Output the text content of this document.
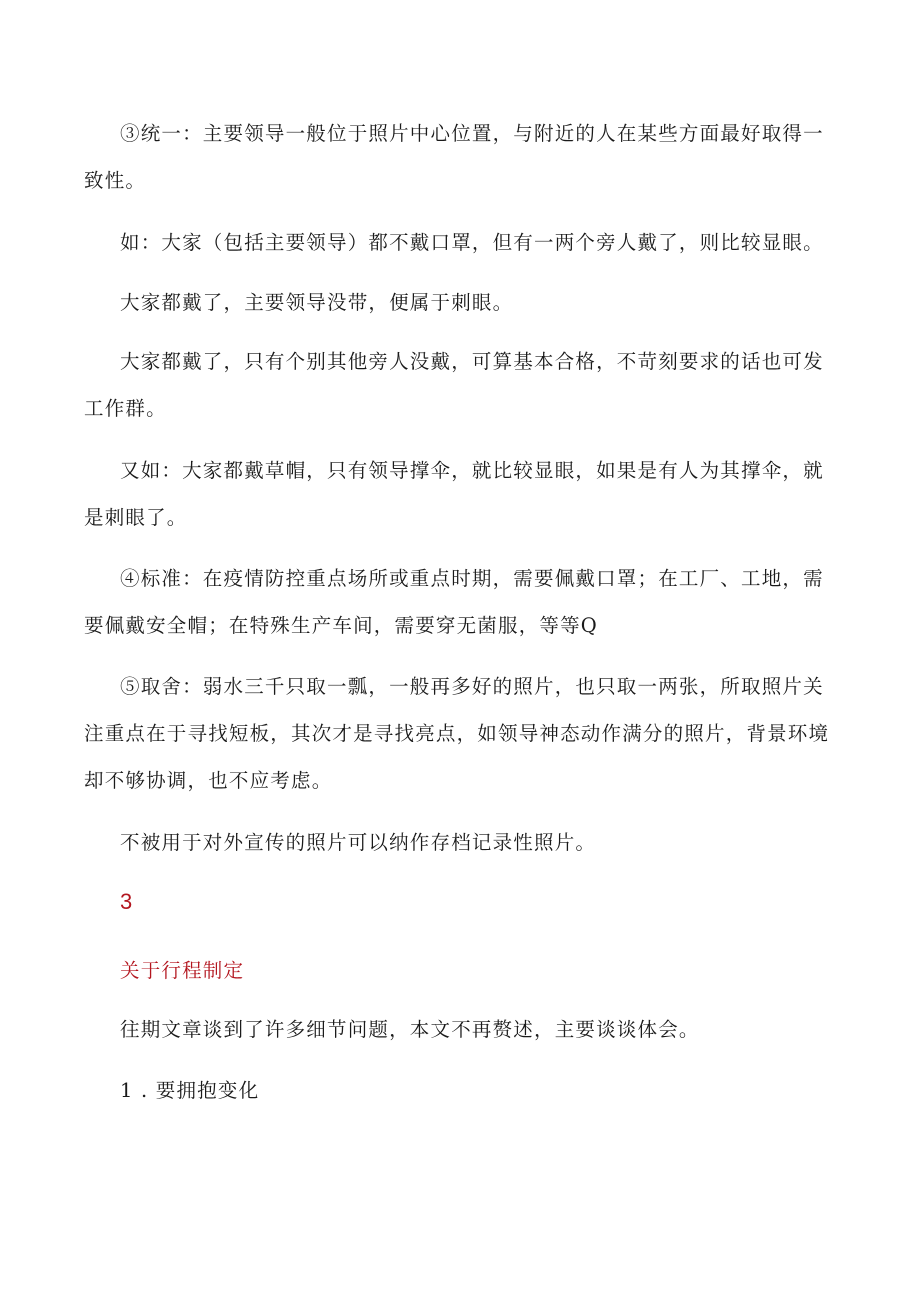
③统一：主要领导一般位于照片中心位置，与附近的人在某些方面最好取得一致性。

如：大家（包括主要领导）都不戴口罩，但有一两个旁人戴了，则比较显眼。

大家都戴了，主要领导没带，便属于刺眼。

大家都戴了，只有个别其他旁人没戴，可算基本合格，不苛刻要求的话也可发工作群。

又如：大家都戴草帽，只有领导撑伞，就比较显眼，如果是有人为其撑伞，就是刺眼了。

④标准：在疫情防控重点场所或重点时期，需要佩戴口罩；在工厂、工地，需要佩戴安全帽；在特殊生产车间，需要穿无菌服，等等Q

⑤取舍：弱水三千只取一瓢，一般再多好的照片，也只取一两张，所取照片关注重点在于寻找短板，其次才是寻找亮点，如领导神态动作满分的照片，背景环境却不够协调，也不应考虑。

不被用于对外宣传的照片可以纳作存档记录性照片。

3

关于行程制定

往期文章谈到了许多细节问题，本文不再赘述，主要谈谈体会。

1 . 要拥抱变化
